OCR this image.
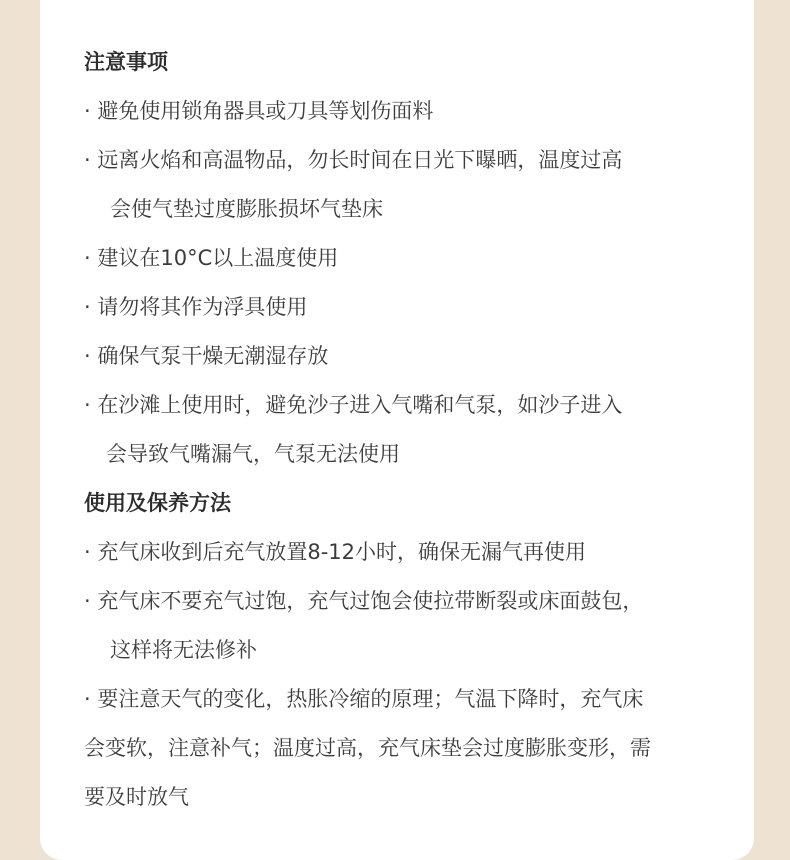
注意事项
· 避免使用锁角器具或刀具等划伤面料
· 远离火焰和高温物品，勿长时间在日光下曝晒，温度过高
会使气垫过度膨胀损坏气垫床
· 建议在10°C以上温度使用
· 请勿将其作为浮具使用
· 确保气泵干燥无潮湿存放
· 在沙滩上使用时，避免沙子进入气嘴和气泵，如沙子进入
会导致气嘴漏气，气泵无法使用
使用及保养方法
· 充气床收到后充气放置8-12小时，确保无漏气再使用
· 充气床不要充气过饱，充气过饱会使拉带断裂或床面鼓包，
这样将无法修补
· 要注意天气的变化，热胀冷缩的原理；气温下降时，充气床
会变软，注意补气；温度过高，充气床垫会过度膨胀变形，需
要及时放气
